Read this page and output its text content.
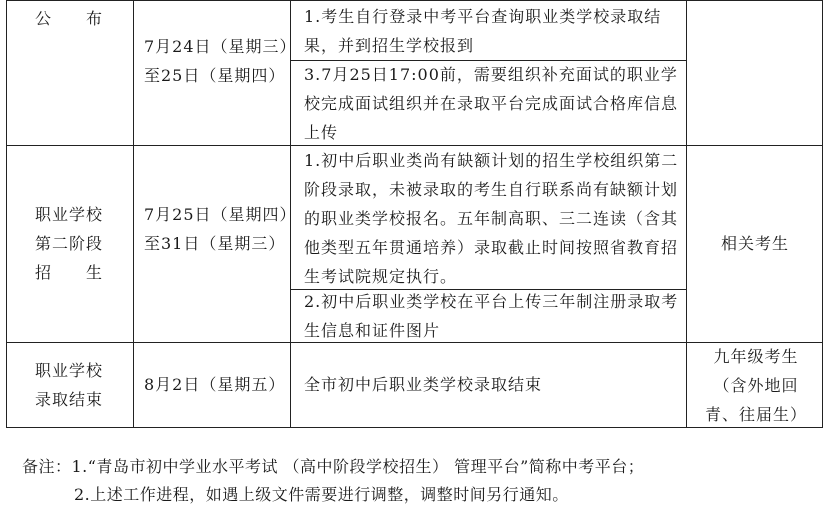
公　　布
7月24日（星期三）至25日（星期四）
1.考生自行登录中考平台查询职业类学校录取结果，并到招生学校报到
3.7月25日17:00前，需要组织补充面试的职业学校完成面试组织并在录取平台完成面试合格库信息上传
职业学校第二阶段招　　生
7月25日（星期四）至31日（星期三）
1.初中后职业类尚有缺额计划的招生学校组织第二阶段录取，未被录取的考生自行联系尚有缺额计划的职业类学校报名。五年制高职、三二连读（含其他类型五年贯通培养）录取截止时间按照省教育招生考试院规定执行。
2.初中后职业类学校在平台上传三年制注册录取考生信息和证件图片
相关考生
职业学校录取结束
8月2日（星期五） 全市初中后职业类学校录取结束
九年级考生（含外地回青、往届生）
备注：1.“青岛市初中学业水平考试 （高中阶段学校招生） 管理平台”简称中考平台；
2.上述工作进程，如遇上级文件需要进行调整，调整时间另行通知。
